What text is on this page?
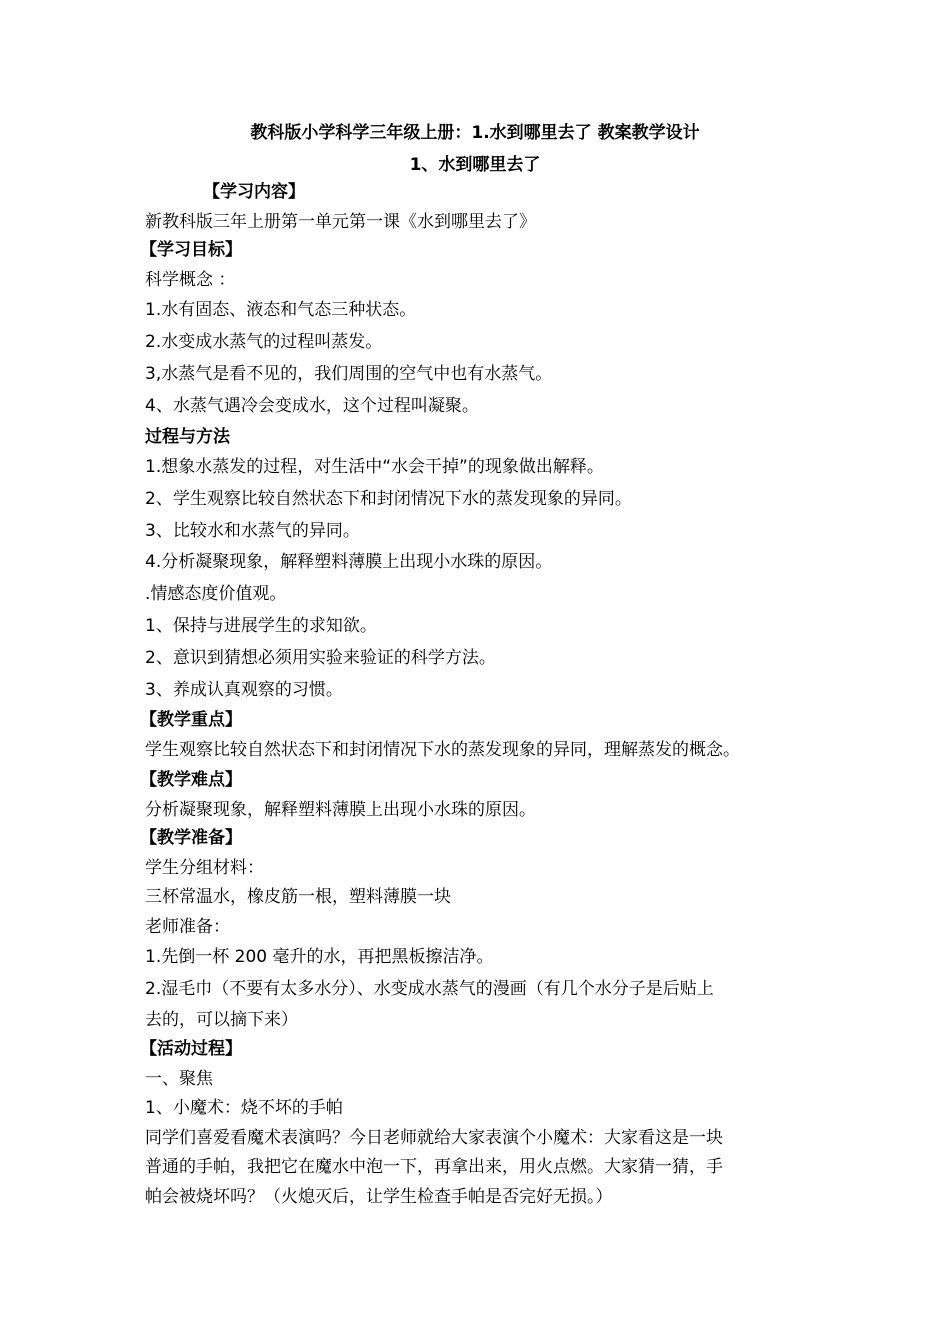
教科版小学科学三年级上册：1.水到哪里去了 教案教学设计
1、水到哪里去了
【学习内容】
新教科版三年上册第一单元第一课《水到哪里去了》
【学习目标】
科学概念 ：
1.水有固态、液态和气态三种状态。
2.水变成水蒸气的过程叫蒸发。
3,水蒸气是看不见的，我们周围的空气中也有水蒸气。
4、水蒸气遇冷会变成水，这个过程叫凝聚。
过程与方法
1.想象水蒸发的过程，对生活中“水会干掉”的现象做出解释。
2、学生观察比较自然状态下和封闭情况下水的蒸发现象的异同。
3、比较水和水蒸气的异同。
4.分析凝聚现象，解释塑料薄膜上出现小水珠的原因。
.情感态度价值观。
1、保持与进展学生的求知欲。
2、意识到猜想必须用实验来验证的科学方法。
3、养成认真观察的习惯。
【教学重点】
学生观察比较自然状态下和封闭情况下水的蒸发现象的异同，理解蒸发的概念。
【教学难点】
分析凝聚现象，解释塑料薄膜上出现小水珠的原因。
【教学准备】
学生分组材料：
三杯常温水，橡皮筋一根，塑料薄膜一块
老师准备：
1.先倒一杯 200 毫升的水，再把黑板擦洁净。
2.湿毛巾（不要有太多水分）、水变成水蒸气的漫画（有几个水分子是后贴上
去的，可以摘下来）
【活动过程】
一、聚焦
1、小魔术：烧不坏的手帕
同学们喜爱看魔术表演吗？今日老师就给大家表演个小魔术：大家看这是一块
普通的手帕，我把它在魔水中泡一下，再拿出来，用火点燃。大家猜一猜，手
帕会被烧坏吗？（火熄灭后，让学生检查手帕是否完好无损。）
